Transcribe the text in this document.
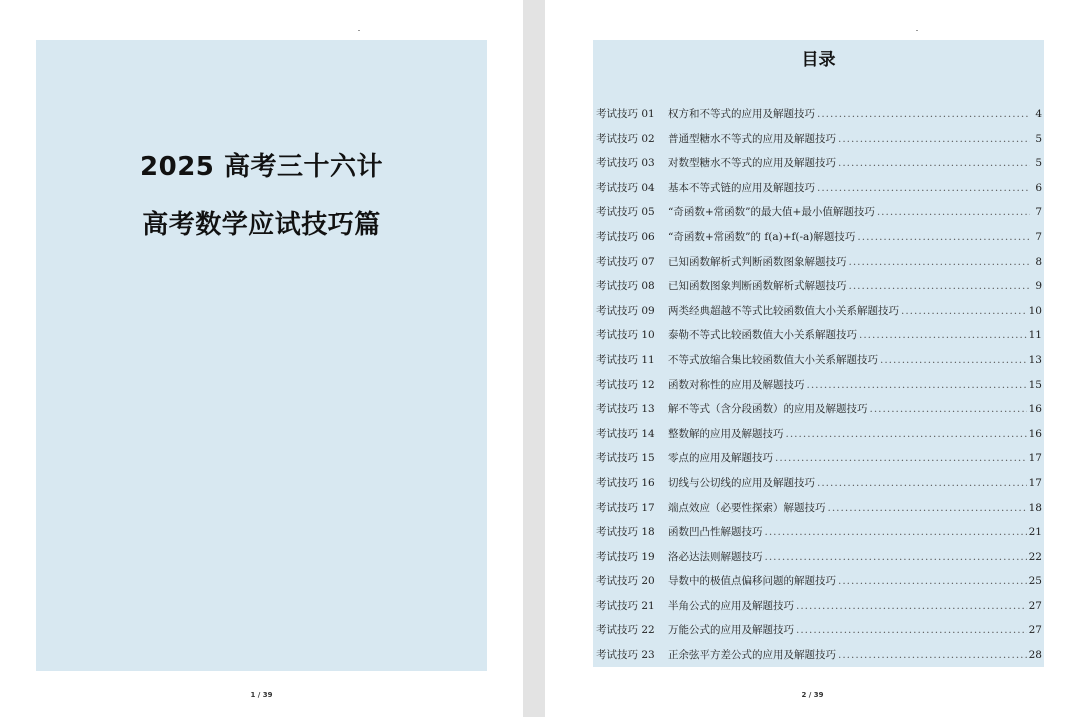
2025 高考三十六计
高考数学应试技巧篇
1 / 39
目录
考试技巧 01	权方和不等式的应用及解题技巧 .....	4
考试技巧 02	普通型糖水不等式的应用及解题技巧 .....	5
考试技巧 03	对数型糖水不等式的应用及解题技巧 .....	5
考试技巧 04	基本不等式链的应用及解题技巧 .....	6
考试技巧 05	“奇函数+常函数”的最大值+最小值解题技巧 .....	7
考试技巧 06	“奇函数+常函数”的 f(a)+f(-a)解题技巧 .....	7
考试技巧 07	已知函数解析式判断函数图象解题技巧 .....	8
考试技巧 08	已知函数图象判断函数解析式解题技巧 .....	9
考试技巧 09	两类经典超越不等式比较函数值大小关系解题技巧 .....	10
考试技巧 10	泰勒不等式比较函数值大小关系解题技巧 .....	11
考试技巧 11	不等式放缩合集比较函数值大小关系解题技巧 .....	13
考试技巧 12	函数对称性的应用及解题技巧 .....	15
考试技巧 13	解不等式（含分段函数）的应用及解题技巧 .....	16
考试技巧 14	整数解的应用及解题技巧 .....	16
考试技巧 15	零点的应用及解题技巧 .....	17
考试技巧 16	切线与公切线的应用及解题技巧 .....	17
考试技巧 17	端点效应（必要性探索）解题技巧 .....	18
考试技巧 18	函数凹凸性解题技巧 .....	21
考试技巧 19	洛必达法则解题技巧 .....	22
考试技巧 20	导数中的极值点偏移问题的解题技巧 .....	25
考试技巧 21	半角公式的应用及解题技巧 .....	27
考试技巧 22	万能公式的应用及解题技巧 .....	27
考试技巧 23	正余弦平方差公式的应用及解题技巧 .....	28
2 / 39
